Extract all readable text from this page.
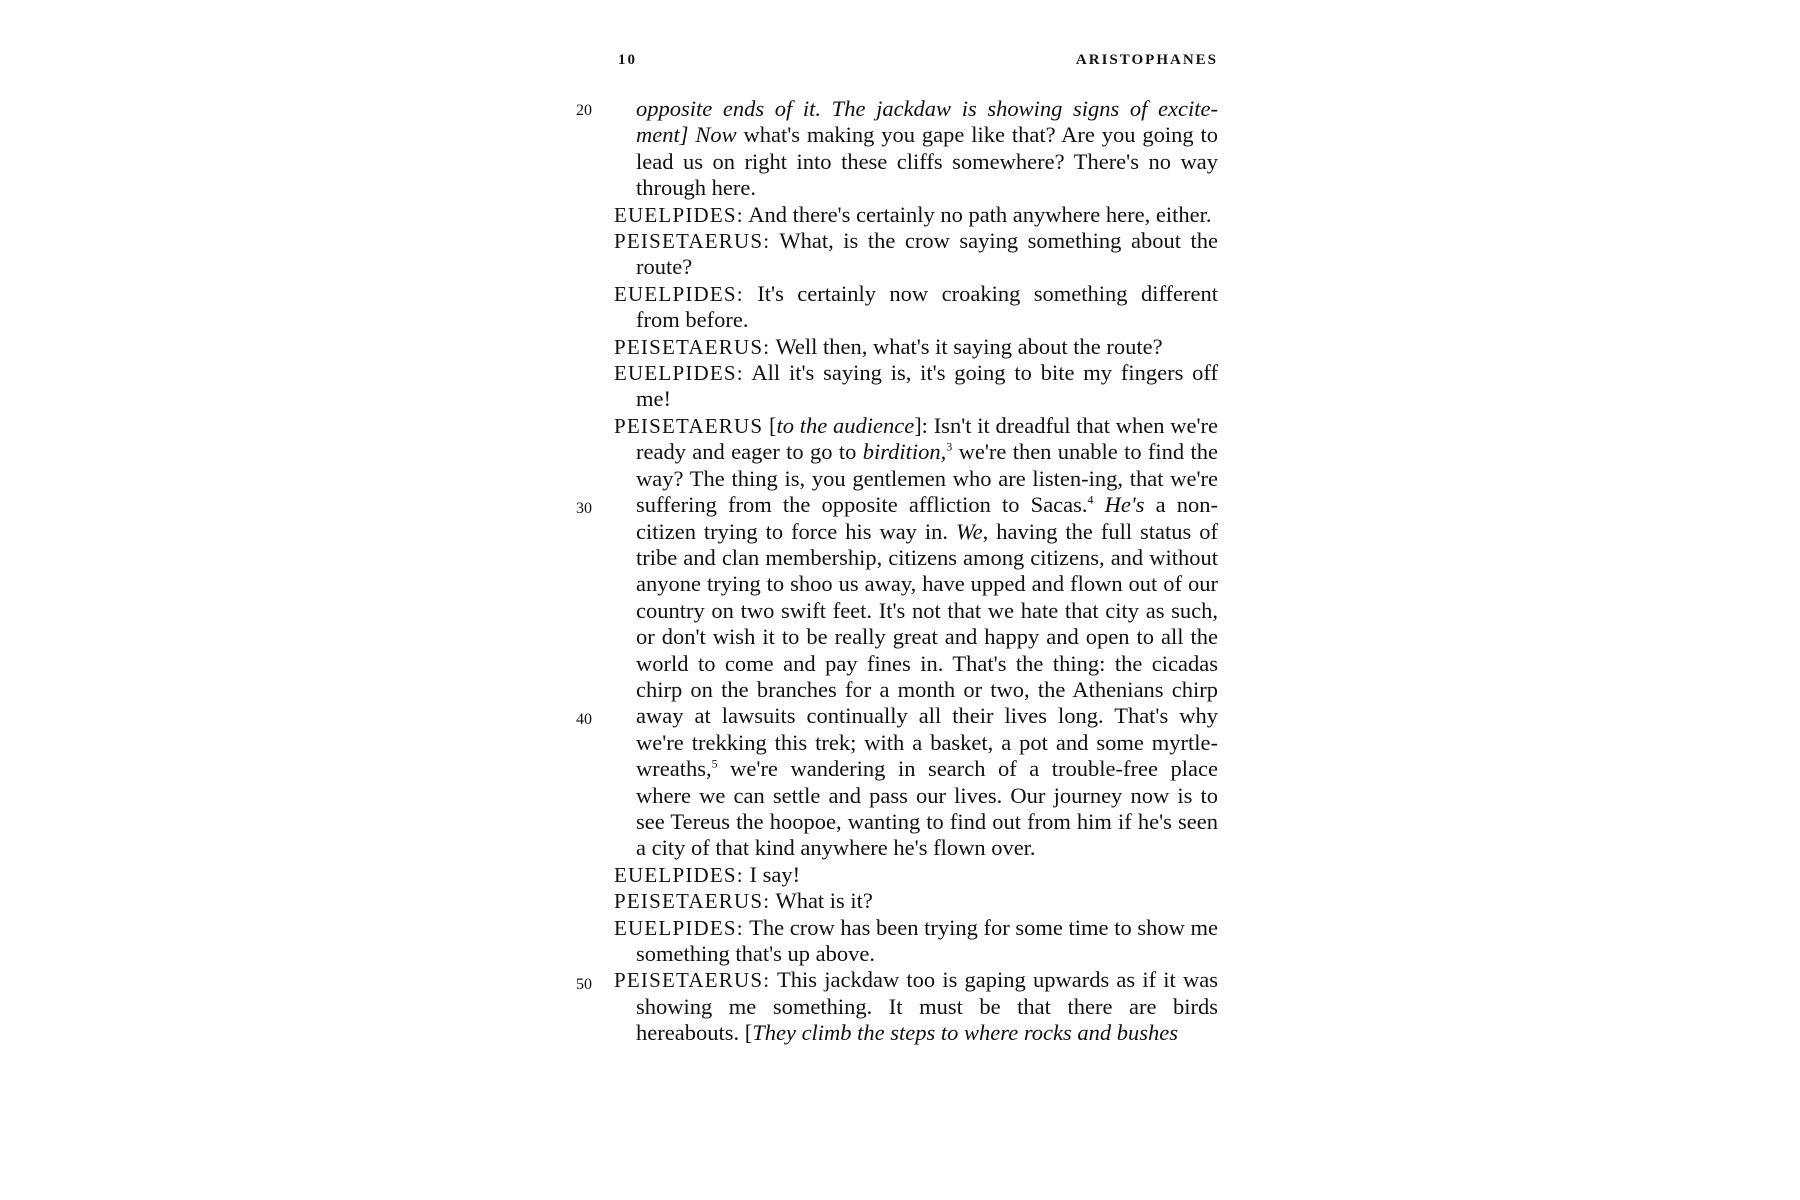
10	ARISTOPHANES
20
30
40
50

opposite ends of it. The jackdaw is showing signs of excite-ment] Now what's making you gape like that? Are you going to lead us on right into these cliffs somewhere? There's no way through here.

EUELPIDES: And there's certainly no path anywhere here, either.

PEISETAERUS: What, is the crow saying something about the route?

EUELPIDES: It's certainly now croaking something different from before.

PEISETAERUS: Well then, what's it saying about the route?

EUELPIDES: All it's saying is, it's going to bite my fingers off me!

PEISETAERUS [to the audience]: Isn't it dreadful that when we're ready and eager to go to birdition,$^3$ we're then unable to find the way? The thing is, you gentlemen who are listen-ing, that we're suffering from the opposite affliction to Sacas.$^4$ He's a non-citizen trying to force his way in. We, having the full status of tribe and clan membership, citizens among citizens, and without anyone trying to shoo us away, have upped and flown out of our country on two swift feet. It's not that we hate that city as such, or don't wish it to be really great and happy and open to all the world to come and pay fines in. That's the thing: the cicadas chirp on the branches for a month or two, the Athenians chirp away at lawsuits continually all their lives long. That's why we're trekking this trek; with a basket, a pot and some myrtle-wreaths,$^5$ we're wandering in search of a trouble-free place where we can settle and pass our lives. Our journey now is to see Tereus the hoopoe, wanting to find out from him if he's seen a city of that kind anywhere he's flown over.

EUELPIDES: I say!

PEISETAERUS: What is it?

EUELPIDES: The crow has been trying for some time to show me something that's up above.

PEISETAERUS: This jackdaw too is gaping upwards as if it was showing me something. It must be that there are birds hereabouts. [They climb the steps to where rocks and bushes
